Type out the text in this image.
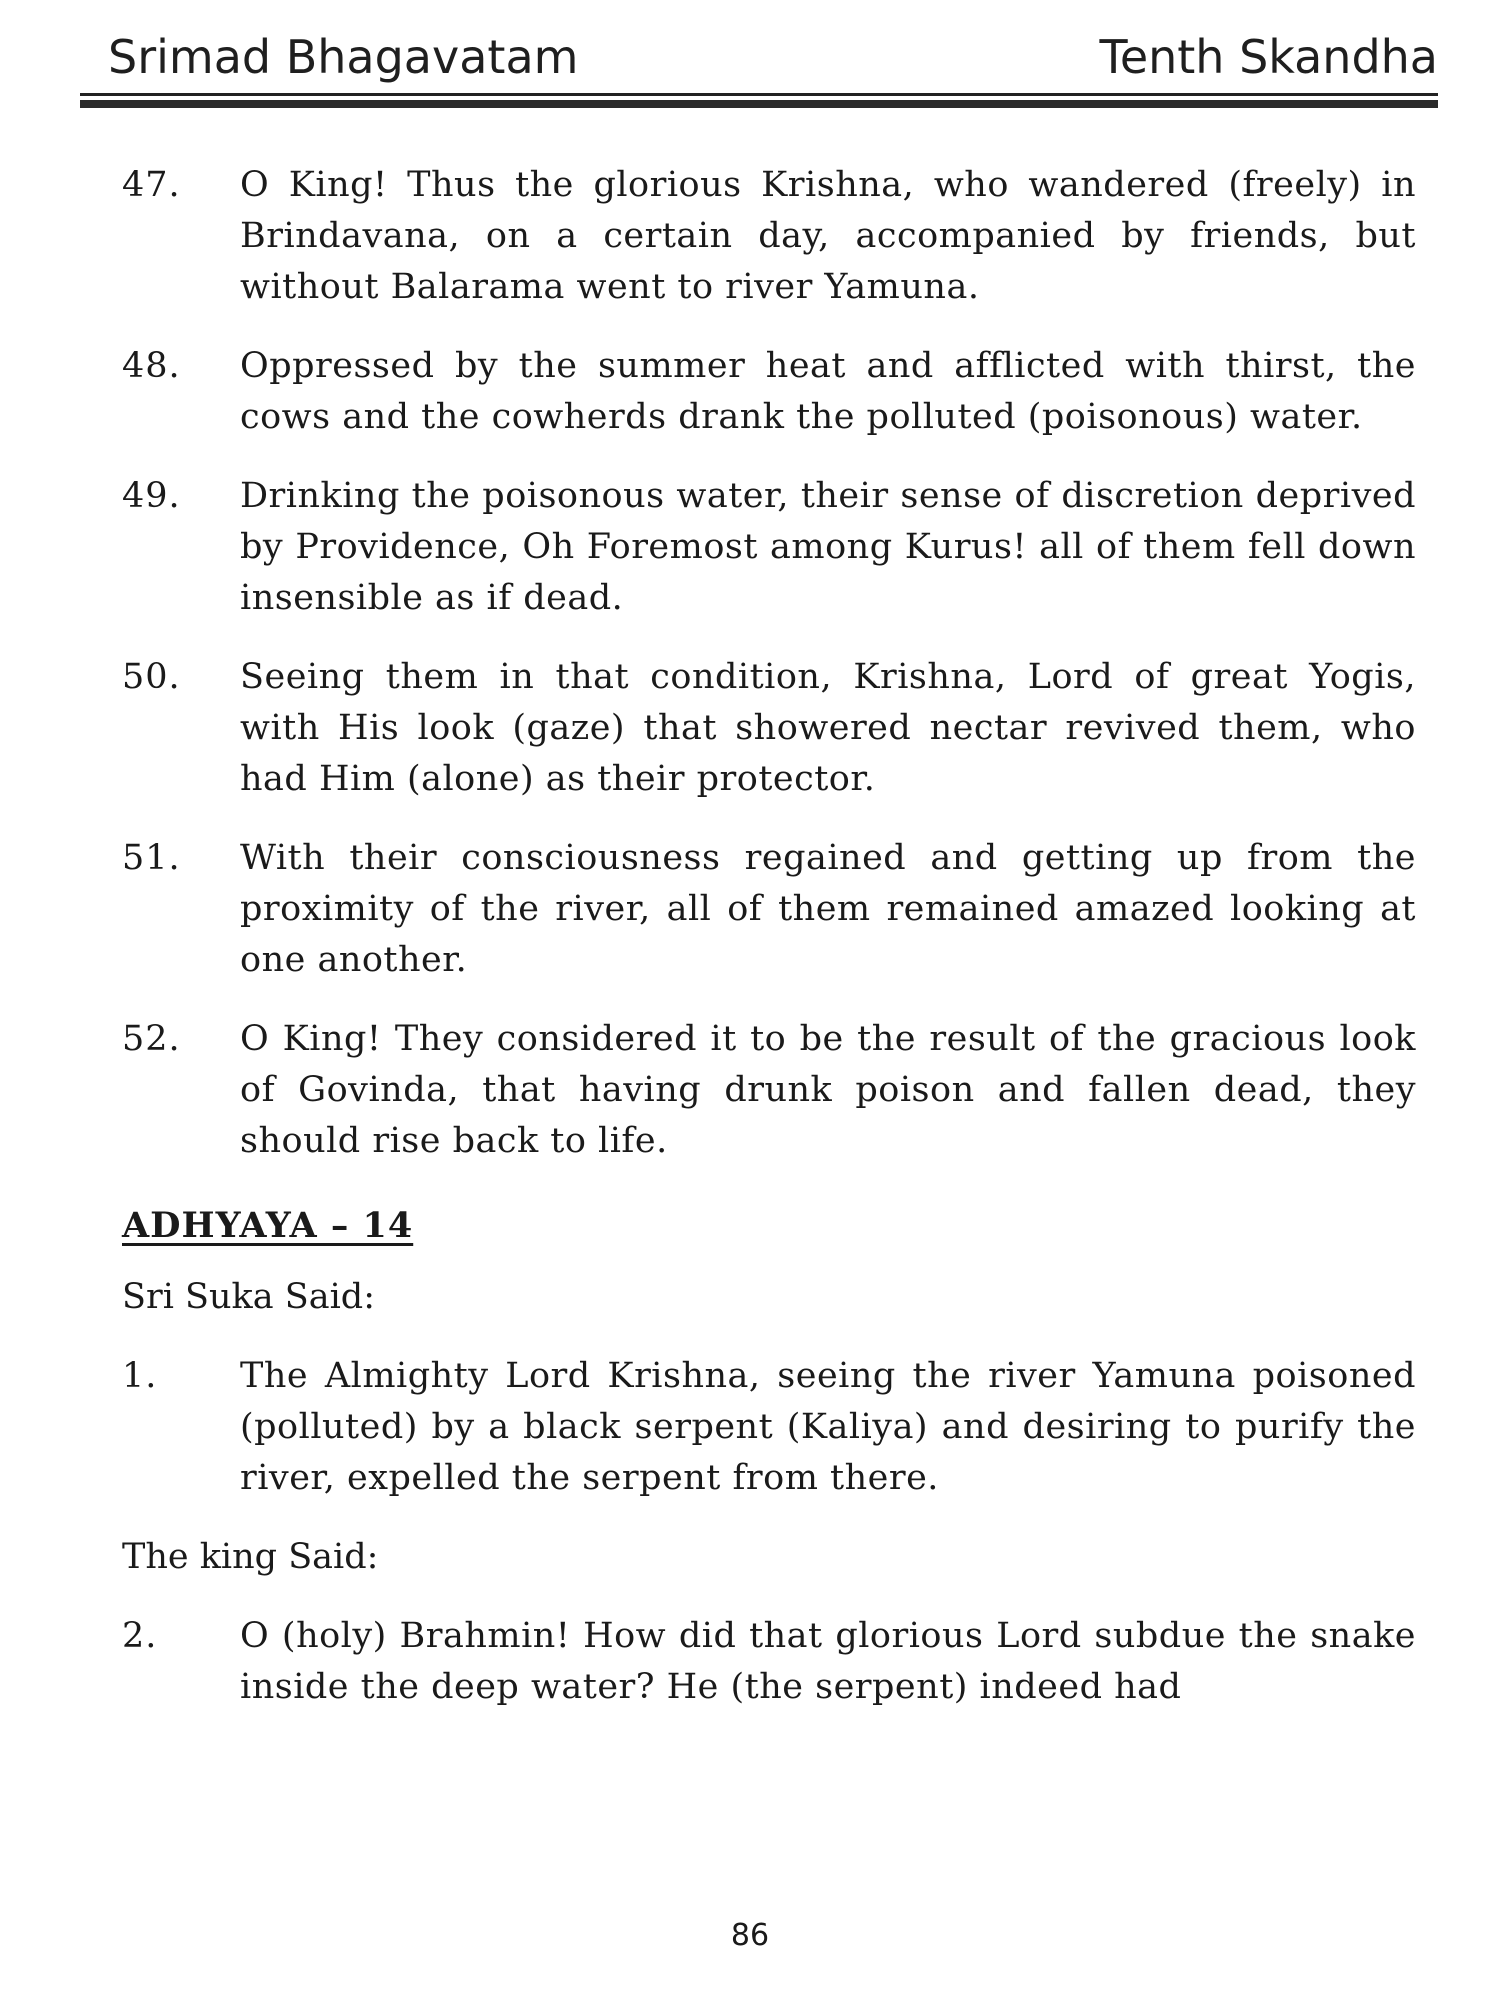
Srimad Bhagavatam	Tenth Skandha
47.	O King! Thus the glorious Krishna, who wandered (freely) in Brindavana, on a certain day, accompanied by friends, but without Balarama went to river Yamuna.
48.	Oppressed by the summer heat and afflicted with thirst, the cows and the cowherds drank the polluted (poisonous) water.
49.	Drinking the poisonous water, their sense of discretion deprived by Providence, Oh Foremost among Kurus! all of them fell down insensible as if dead.
50.	Seeing them in that condition, Krishna, Lord of great Yogis, with His look (gaze) that showered nectar revived them, who had Him (alone) as their protector.
51.	With their consciousness regained and getting up from the proximity of the river, all of them remained amazed looking at one another.
52.	O King! They considered it to be the result of the gracious look of Govinda, that having drunk poison and fallen dead, they should rise back to life.
ADHYAYA – 14
Sri Suka Said:
1.	The Almighty Lord Krishna, seeing the river Yamuna poisoned (polluted) by a black serpent (Kaliya) and desiring to purify the river, expelled the serpent from there.
The king Said:
2.	O (holy) Brahmin! How did that glorious Lord subdue the snake inside the deep water? He (the serpent) indeed had
86
